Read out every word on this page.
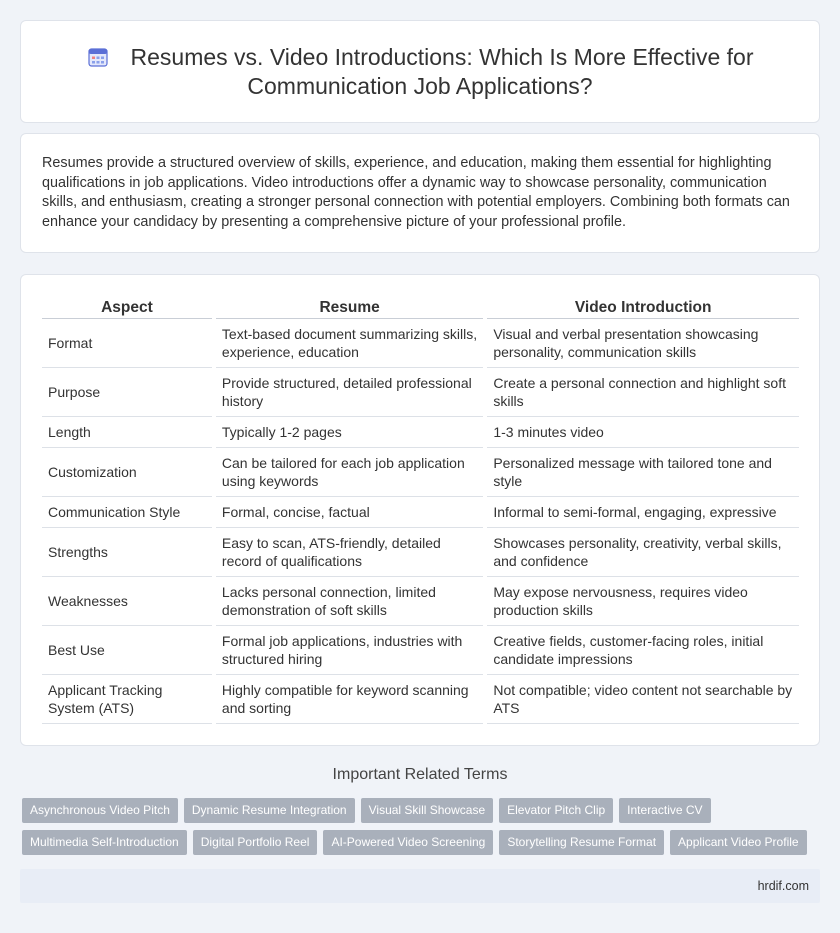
Resumes vs. Video Introductions: Which Is More Effective for
Communication Job Applications?

Resumes provide a structured overview of skills, experience, and education, making them essential for highlighting qualifications in job applications. Video introductions offer a dynamic way to showcase personality, communication skills, and enthusiasm, creating a stronger personal connection with potential employers. Combining both formats can enhance your candidacy by presenting a comprehensive picture of your professional profile.

Aspect	Resume	Video Introduction
Format	Text-based document summarizing skills, experience, education	Visual and verbal presentation showcasing personality, communication skills
Purpose	Provide structured, detailed professional history	Create a personal connection and highlight soft skills
Length	Typically 1-2 pages	1-3 minutes video
Customization	Can be tailored for each job application using keywords	Personalized message with tailored tone and style
Communication Style	Formal, concise, factual	Informal to semi-formal, engaging, expressive
Strengths	Easy to scan, ATS-friendly, detailed record of qualifications	Showcases personality, creativity, verbal skills, and confidence
Weaknesses	Lacks personal connection, limited demonstration of soft skills	May expose nervousness, requires video production skills
Best Use	Formal job applications, industries with structured hiring	Creative fields, customer-facing roles, initial candidate impressions
Applicant Tracking System (ATS)	Highly compatible for keyword scanning and sorting	Not compatible; video content not searchable by ATS
Important Related Terms
Asynchronous Video Pitch	Dynamic Resume Integration	Visual Skill Showcase	Elevator Pitch Clip	Interactive CV
Multimedia Self-Introduction	Digital Portfolio Reel	AI-Powered Video Screening	Storytelling Resume Format	Applicant Video Profile
hrdif.com
